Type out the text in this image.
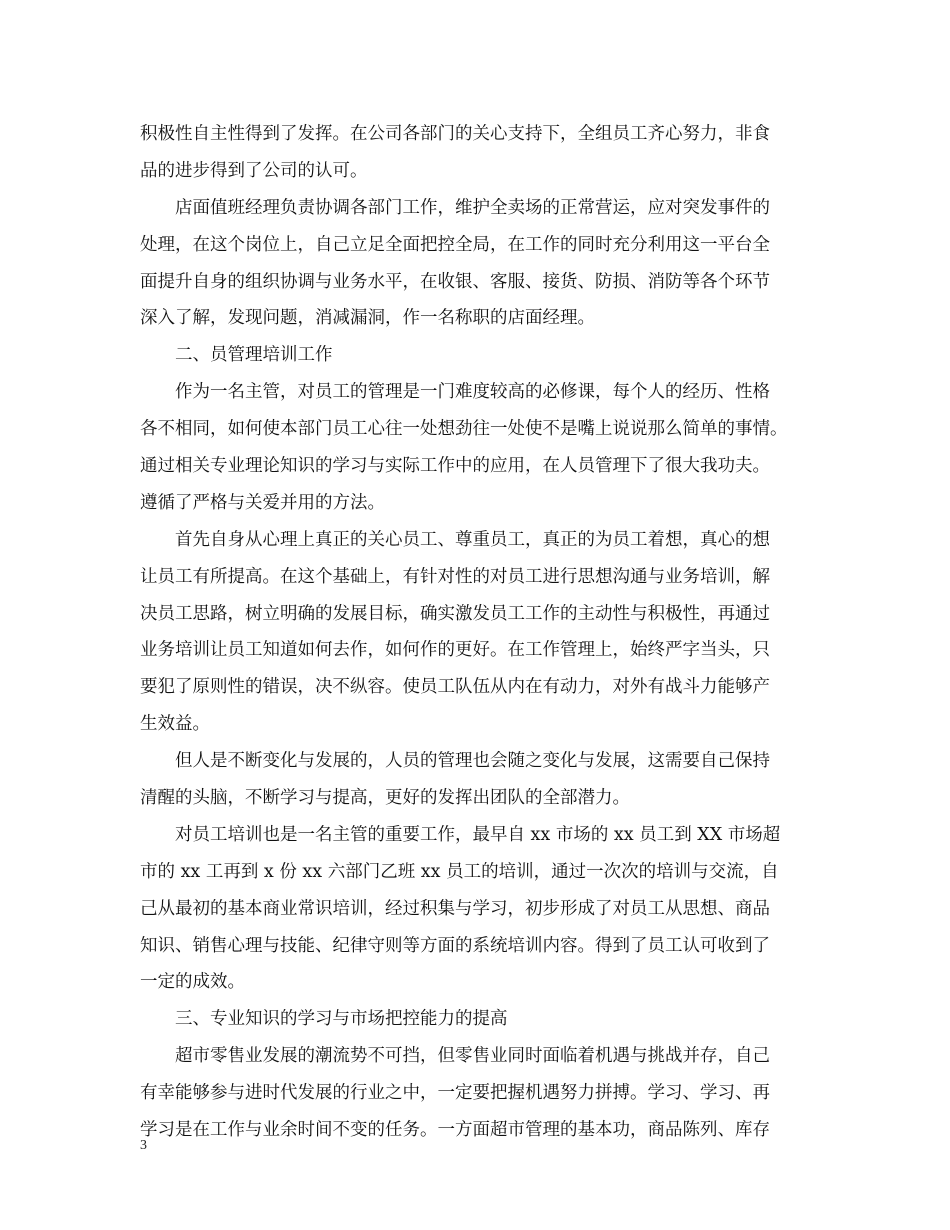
积极性自主性得到了发挥。在公司各部门的关心支持下，全组员工齐心努力，非食
品的进步得到了公司的认可。
店面值班经理负责协调各部门工作，维护全卖场的正常营运，应对突发事件的
处理，在这个岗位上，自己立足全面把控全局，在工作的同时充分利用这一平台全
面提升自身的组织协调与业务水平，在收银、客服、接货、防损、消防等各个环节
深入了解，发现问题，消减漏洞，作一名称职的店面经理。
二、员管理培训工作
作为一名主管，对员工的管理是一门难度较高的必修课，每个人的经历、性格
各不相同，如何使本部门员工心往一处想劲往一处使不是嘴上说说那么简单的事情。
通过相关专业理论知识的学习与实际工作中的应用，在人员管理下了很大我功夫。
遵循了严格与关爱并用的方法。
首先自身从心理上真正的关心员工、尊重员工，真正的为员工着想，真心的想
让员工有所提高。在这个基础上，有针对性的对员工进行思想沟通与业务培训，解
决员工思路，树立明确的发展目标，确实激发员工工作的主动性与积极性，再通过
业务培训让员工知道如何去作，如何作的更好。在工作管理上，始终严字当头，只
要犯了原则性的错误，决不纵容。使员工队伍从内在有动力，对外有战斗力能够产
生效益。
但人是不断变化与发展的，人员的管理也会随之变化与发展，这需要自己保持
清醒的头脑，不断学习与提高，更好的发挥出团队的全部潜力。
对员工培训也是一名主管的重要工作，最早自 xx 市场的 xx 员工到 XX 市场超
市的 xx 工再到 x 份 xx 六部门乙班 xx 员工的培训，通过一次次的培训与交流，自
己从最初的基本商业常识培训，经过积集与学习，初步形成了对员工从思想、商品
知识、销售心理与技能、纪律守则等方面的系统培训内容。得到了员工认可收到了
一定的成效。
三、专业知识的学习与市场把控能力的提高
超市零售业发展的潮流势不可挡，但零售业同时面临着机遇与挑战并存，自己
有幸能够参与进时代发展的行业之中，一定要把握机遇努力拼搏。学习、学习、再
学习是在工作与业余时间不变的任务。一方面超市管理的基本功，商品陈列、库存
3
